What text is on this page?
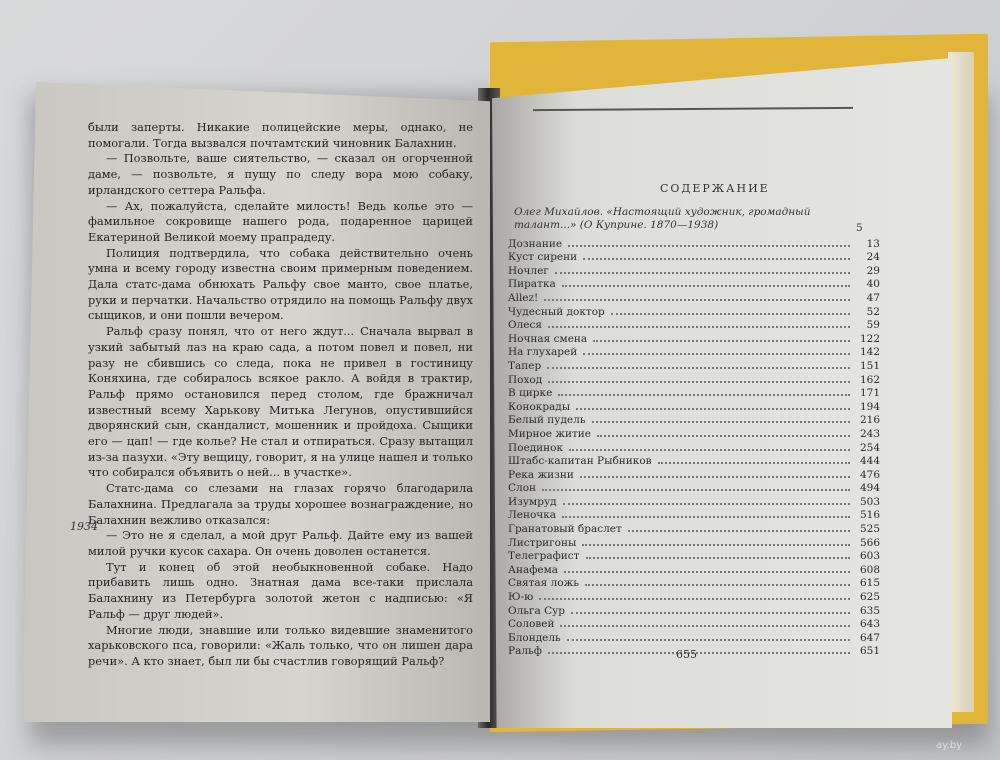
были заперты. Никакие полицейские меры, однако, не помогали. Тогда вызвался почтамтский чиновник Балахнин.

— Позвольте, ваше сиятельство, — сказал он огорченной даме, — позвольте, я пущу по следу вора мою собаку, ирландского сеттера Ральфа.

— Ах, пожалуйста, сделайте милость! Ведь колье это — фамильное сокровище нашего рода, подаренное царицей Екатериной Великой моему прапрадеду.

Полиция подтвердила, что собака действительно очень умна и всему городу известна своим примерным поведением. Дала статс-дама обнюхать Ральфу свое манто, свое платье, руки и перчатки. Начальство отрядило на помощь Ральфу двух сыщиков, и они пошли вечером.

Ральф сразу понял, что от него ждут... Сначала вырвал в узкий забытый лаз на краю сада, а потом повел и повел, ни разу не сбившись со следа, пока не привел в гостиницу Коняхина, где собиралось всякое ракло. А войдя в трактир, Ральф прямо остановился перед столом, где бражничал известный всему Харькову Митька Легунов, опустившийся дворянский сын, скандалист, мошенник и пройдоха. Сыщики его — цап! — где колье? Не стал и отпираться. Сразу вытащил из-за пазухи. «Эту вещицу, говорит, я на улице нашел и только что собирался объявить о ней... в участке».

Статс-дама со слезами на глазах горячо благодарила Балахнина. Предлагала за труды хорошее вознаграждение, но Балахнин вежливо отказался:

— Это не я сделал, а мой друг Ральф. Дайте ему из вашей милой ручки кусок сахара. Он очень доволен останется.

Тут и конец об этой необыкновенной собаке. Надо прибавить лишь одно. Знатная дама все-таки прислала Балахнину из Петербурга золотой жетон с надписью: «Я Ральф — друг людей».

Многие люди, знавшие или только видевшие знаменитого харьковского пса, говорили: «Жаль только, что он лишен дара речи». А кто знает, был ли бы счастлив говорящий Ральф?

1934
СОДЕРЖАНИЕ
Олег Михайлов. «Настоящий художник, громадный талант...» (О Куприне. 1870—1938)	5
Дознание	13
Куст сирени	24
Ночлег	29
Пиратка	40
Allez!	47
Чудесный доктор	52
Олеся	59
Ночная смена	122
На глухарей	142
Тапер	151
Поход	162
В цирке	171
Конокрады	194
Белый пудель	216
Мирное житие	243
Поединок	254
Штабс-капитан Рыбников	444
Река жизни	476
Слон	494
Изумруд	503
Леночка	516
Гранатовый браслет	525
Листригоны	566
Телеграфист	603
Анафема	608
Святая ложь	615
Ю-ю	625
Ольга Сур	635
Соловей	643
Блондель	647
Ральф	651
655
ay.by
